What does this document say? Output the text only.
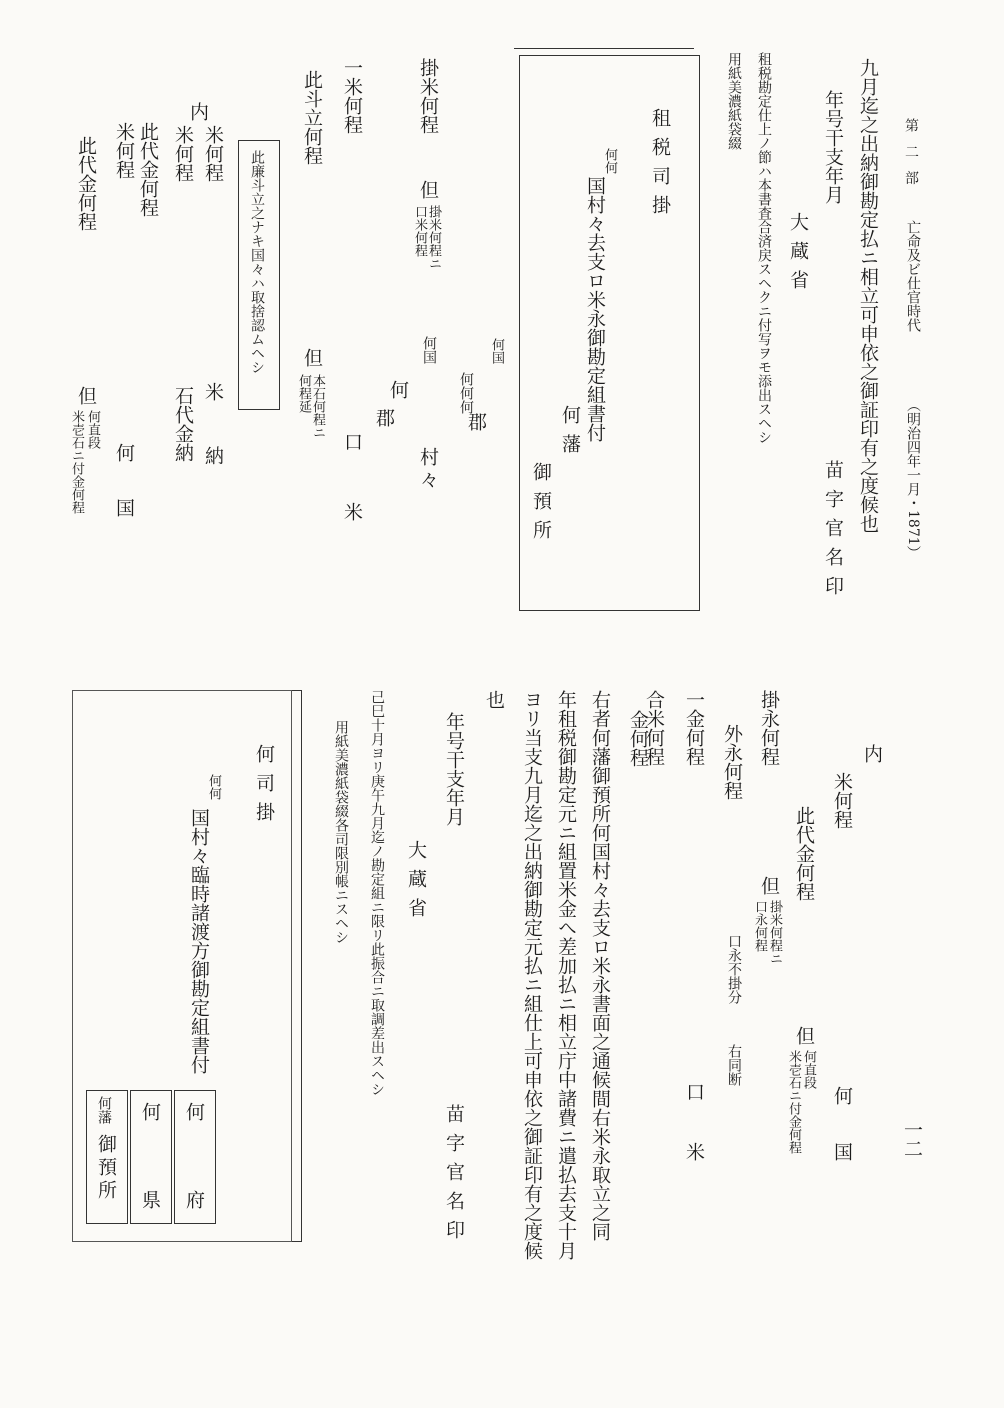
第 二 部
亡命及ビ仕官時代
（明治四年一月・1871）
一二
九月迄之出納御勘定払ニ相立可申依之御証印有之度候也
年号干支年月
苗字官名印
大蔵省
租税勘定仕上ノ節ハ本書査合済戻スヘクニ付写ヲモ添出スヘシ
用紙美濃紙袋綴
租税司掛
何何
国村々去支ロ米永御勘定組書付
何藩
御預所
掛米何程
但
掛米何程ニ
口米何程
何国
何何何
郡
何国
村々
一米何程
何
郡
口
米
此斗立何程
但
本石何程ニ
何程延
此廉斗立之ナキ国々ハ取捨認ムヘシ
内
米何程
米何程
米
納
石代金納
此代金何程
米何程
何
国
此代金何程
但
何直段
米壱石ニ付金何程
内
米何程
此代金何程
何
国
但
何直段
米壱石ニ付金何程
掛永何程
但
掛米何程ニ
口永何程
外永何程
口永不掛分
右同断
一金何程
口
米
合米何程
金何程
右者何藩御預所何国村々去支ロ米永書面之通候間右米永取立之同
年租税御勘定元ニ組置米金へ差加払ニ相立庁中諸費ニ遣払去支十月
ヨリ当支九月迄之出納御勘定元払ニ組仕上可申依之御証印有之度候
也
年号干支年月
苗字官名印
大蔵省
己巳十月ヨリ庚午九月迄ノ勘定組ニ限リ此振合ニ取調差出スヘシ
用紙美濃紙袋綴各司限別帳ニスヘシ
何司掛
何何
国村々臨時諸渡方御勘定組書付
何
府
何
県
何藩
御預所
